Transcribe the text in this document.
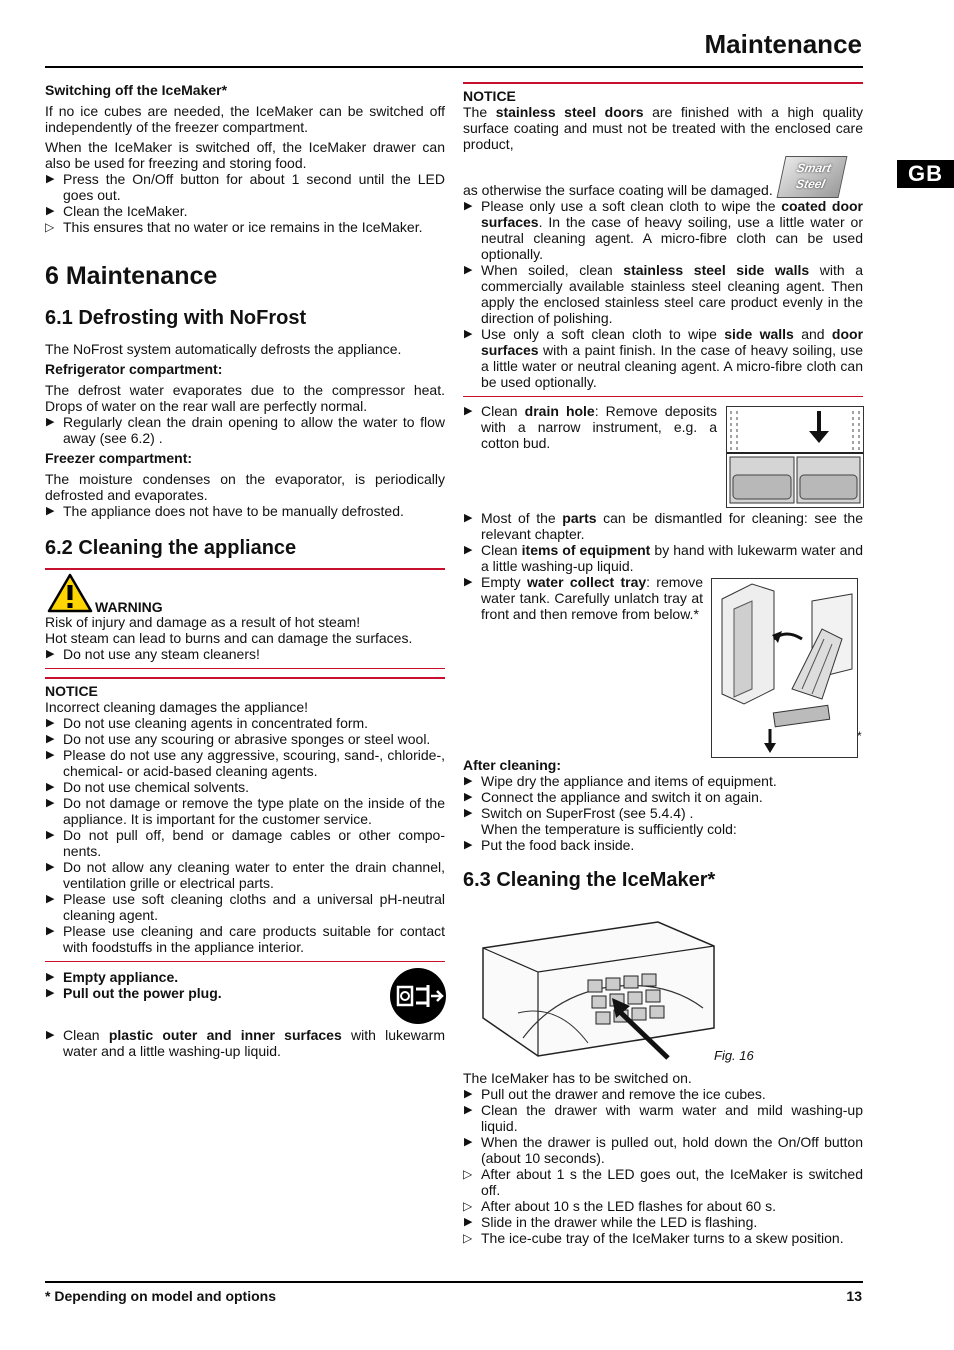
Maintenance
GB
Switching off the IceMaker*

If no ice cubes are needed, the IceMaker can be switched off independently of the freezer compartment.

When the IceMaker is switched off, the IceMaker drawer can also be used for freezing and storing food.

▶ Press the On/Off button for about 1 second until the LED goes out.
▶ Clean the IceMaker.
▷ This ensures that no water or ice remains in the IceMaker.
6 Maintenance
6.1 Defrosting with NoFrost

The NoFrost system automatically defrosts the appliance.

Refrigerator compartment:

The defrost water evaporates due to the compressor heat. Drops of water on the rear wall are perfectly normal.

▶ Regularly clean the drain opening to allow the water to flow away (see 6.2) .
Freezer compartment:

The moisture condenses on the evaporator, is periodically defrosted and evaporates.

▶ The appliance does not have to be manually defrosted.
6.2 Cleaning the appliance
WARNING
Risk of injury and damage as a result of hot steam!
Hot steam can lead to burns and can damage the surfaces.
▶ Do not use any steam cleaners!
NOTICE
Incorrect cleaning damages the appliance!
▶ Do not use cleaning agents in concentrated form.
▶ Do not use any scouring or abrasive sponges or steel wool.
▶ Please do not use any aggressive, scouring, sand-, chloride-, chemical- or acid-based cleaning agents.
▶ Do not use chemical solvents.
▶ Do not damage or remove the type plate on the inside of the appliance. It is important for the customer service.
▶ Do not pull off, bend or damage cables or other compo- nents.
▶ Do not allow any cleaning water to enter the drain channel, ventilation grille or electrical parts.
▶ Please use soft cleaning cloths and a universal pH-neutral cleaning agent.
▶ Please use cleaning and care products suitable for contact with foodstuffs in the appliance interior.
▶ Empty appliance.
▶ Pull out the power plug.
▶ Clean plastic outer and inner surfaces with lukewarm water and a little washing-up liquid.
NOTICE

The stainless steel doors are finished with a high quality surface coating and must not be treated with the enclosed care product,

as otherwise the surface coating will be damaged.
Smart
Steel
▶ Please only use a soft clean cloth to wipe the coated door surfaces. In the case of heavy soiling, use a little water or neutral cleaning agent. A micro-fibre cloth can be used optionally.
▶ When soiled, clean stainless steel side walls with a commercially available stainless steel cleaning agent. Then apply the enclosed stainless steel care product evenly in the direction of polishing.
▶ Use only a soft clean cloth to wipe side walls and door surfaces with a paint finish. In the case of heavy soiling, use a little water or neutral cleaning agent. A micro-fibre cloth can be used optionally.
▶ Clean drain hole: Remove deposits with a narrow instrument, e.g. a cotton bud.
▶ Most of the parts can be dismantled for cleaning: see the relevant chapter.
▶ Clean items of equipment by hand with lukewarm water and a little washing-up liquid.
▶ Empty water collect tray: remove water tank. Carefully unlatch tray at front and then remove from below.*
*
After cleaning:
▶ Wipe dry the appliance and items of equipment.
▶ Connect the appliance and switch it on again.
▶ Switch on SuperFrost (see 5.4.4) .
When the temperature is sufficiently cold:
▶ Put the food back inside.
6.3 Cleaning the IceMaker*
Fig. 16
The IceMaker has to be switched on.
▶ Pull out the drawer and remove the ice cubes.
▶ Clean the drawer with warm water and mild washing-up liquid.
▶ When the drawer is pulled out, hold down the On/Off button (about 10 seconds).
▷ After about 1 s the LED goes out, the IceMaker is switched off.
▷ After about 10 s the LED flashes for about 60 s.
▶ Slide in the drawer while the LED is flashing.
▷ The ice-cube tray of the IceMaker turns to a skew position.
* Depending on model and options	13
